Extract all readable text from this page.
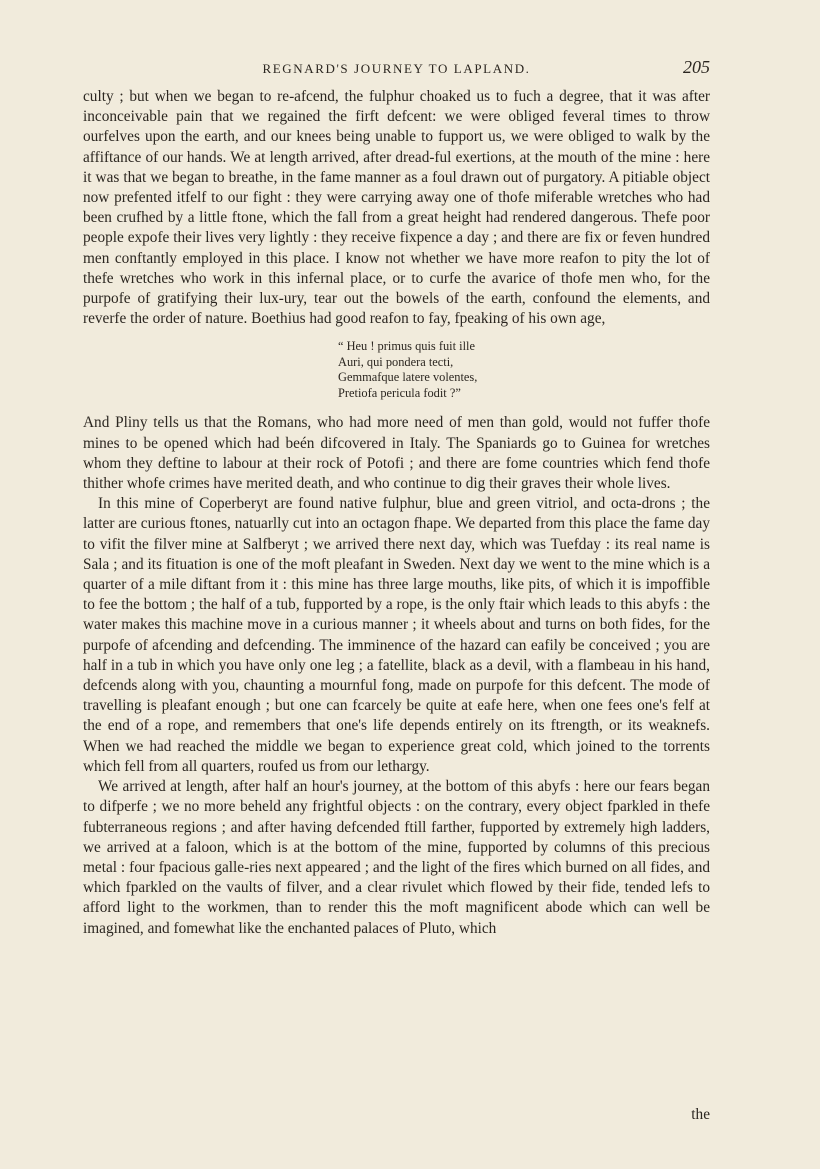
REGNARD'S JOURNEY TO LAPLAND.	205

culty ; but when we began to re-afcend, the fulphur choaked us to fuch a degree, that it was after inconceivable pain that we regained the firft defcent: we were obliged feveral times to throw ourfelves upon the earth, and our knees being unable to fupport us, we were obliged to walk by the affiftance of our hands. We at length arrived, after dread-ful exertions, at the mouth of the mine : here it was that we began to breathe, in the fame manner as a foul drawn out of purgatory. A pitiable object now prefented itfelf to our fight : they were carrying away one of thofe miferable wretches who had been crufhed by a little ftone, which the fall from a great height had rendered dangerous. Thefe poor people expofe their lives very lightly : they receive fixpence a day ; and there are fix or feven hundred men conftantly employed in this place. I know not whether we have more reafon to pity the lot of thefe wretches who work in this infernal place, or to curfe the avarice of thofe men who, for the purpofe of gratifying their lux-ury, tear out the bowels of the earth, confound the elements, and reverfe the order of nature. Boethius had good reafon to fay, fpeaking of his own age,

“ Heu ! primus quis fuit ille
Auri, qui pondera tecti,
Gemmafque latere volentes,
Pretiofa pericula fodit ?”

And Pliny tells us that the Romans, who had more need of men than gold, would not fuffer thofe mines to be opened which had beén difcovered in Italy. The Spaniards go to Guinea for wretches whom they deftine to labour at their rock of Potofi ; and there are fome countries which fend thofe thither whofe crimes have merited death, and who continue to dig their graves their whole lives.

In this mine of Coperberyt are found native fulphur, blue and green vitriol, and octa-drons ; the latter are curious ftones, natuarlly cut into an octagon fhape. We departed from this place the fame day to vifit the filver mine at Salfberyt ; we arrived there next day, which was Tuefday : its real name is Sala ; and its fituation is one of the moft pleafant in Sweden. Next day we went to the mine which is a quarter of a mile diftant from it : this mine has three large mouths, like pits, of which it is impoffible to fee the bottom ; the half of a tub, fupported by a rope, is the only ftair which leads to this abyfs : the water makes this machine move in a curious manner ; it wheels about and turns on both fides, for the purpofe of afcending and defcending. The imminence of the hazard can eafily be conceived ; you are half in a tub in which you have only one leg ; a fatellite, black as a devil, with a flambeau in his hand, defcends along with you, chaunting a mournful fong, made on purpofe for this defcent. The mode of travelling is pleafant enough ; but one can fcarcely be quite at eafe here, when one fees one's felf at the end of a rope, and remembers that one's life depends entirely on its ftrength, or its weaknefs. When we had reached the middle we began to experience great cold, which joined to the torrents which fell from all quarters, roufed us from our lethargy.

We arrived at length, after half an hour's journey, at the bottom of this abyfs : here our fears began to difperfe ; we no more beheld any frightful objects : on the contrary, every object fparkled in thefe fubterraneous regions ; and after having defcended ftill farther, fupported by extremely high ladders, we arrived at a faloon, which is at the bottom of the mine, fupported by columns of this precious metal : four fpacious galle-ries next appeared ; and the light of the fires which burned on all fides, and which fparkled on the vaults of filver, and a clear rivulet which flowed by their fide, tended lefs to afford light to the workmen, than to render this the moft magnificent abode which can well be imagined, and fomewhat like the enchanted palaces of Pluto, which

the
